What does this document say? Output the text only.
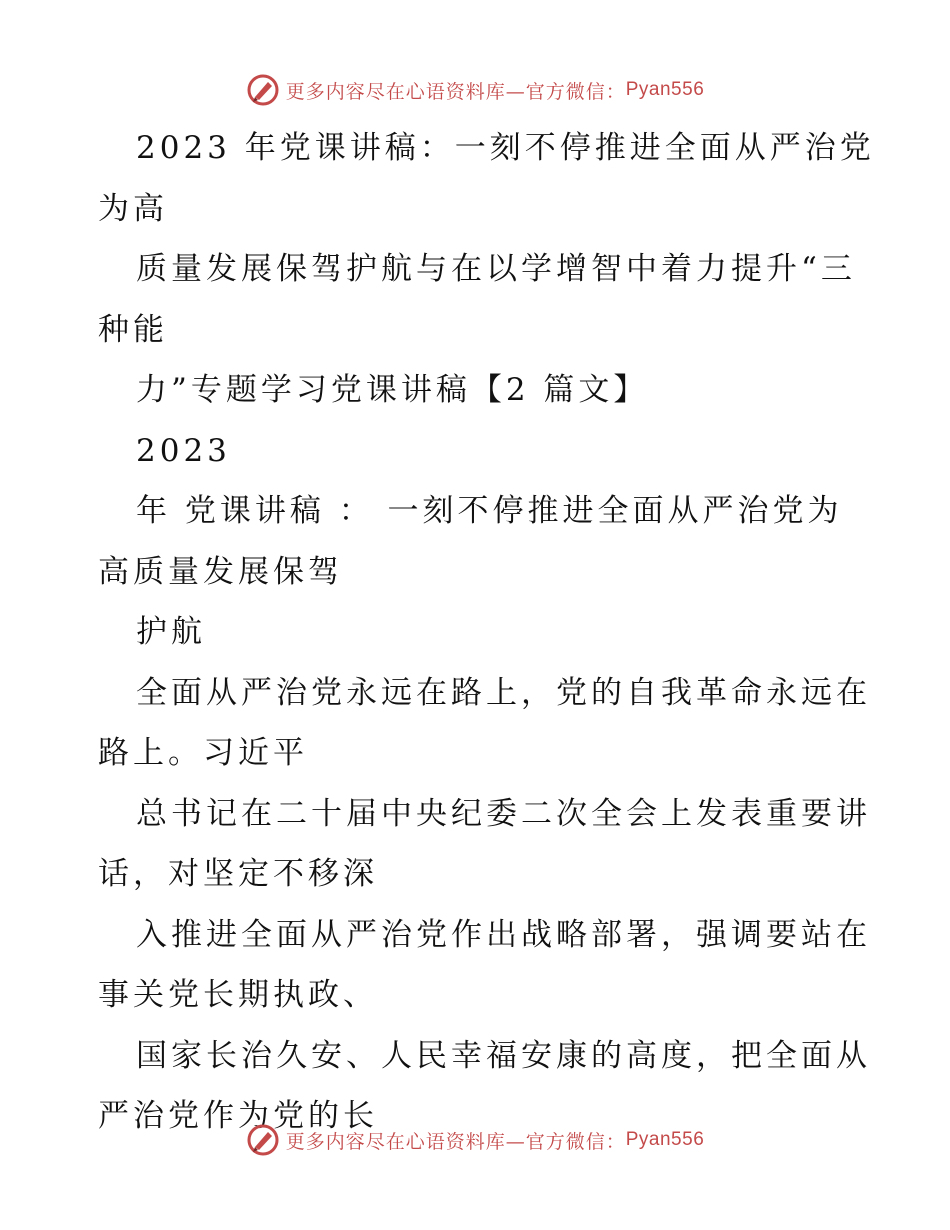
更多内容尽在心语资料库—官方微信： Pyan556

2023 年党课讲稿：一刻不停推进全面从严治党

为高

质量发展保驾护航与在以学增智中着力提升“三

种能

力”专题学习党课讲稿【2 篇文】

2023

年 党课讲稿 ： 一刻不停推进全面从严治党为

高质量发展保驾

护航

全面从严治党永远在路上，党的自我革命永远在

路上。习近平

总书记在二十届中央纪委二次全会上发表重要讲

话，对坚定不移深

入推进全面从严治党作出战略部署，强调要站在

事关党长期执政、

国家长治久安、人民幸福安康的高度，把全面从

严治党作为党的长

更多内容尽在心语资料库—官方微信： Pyan556
